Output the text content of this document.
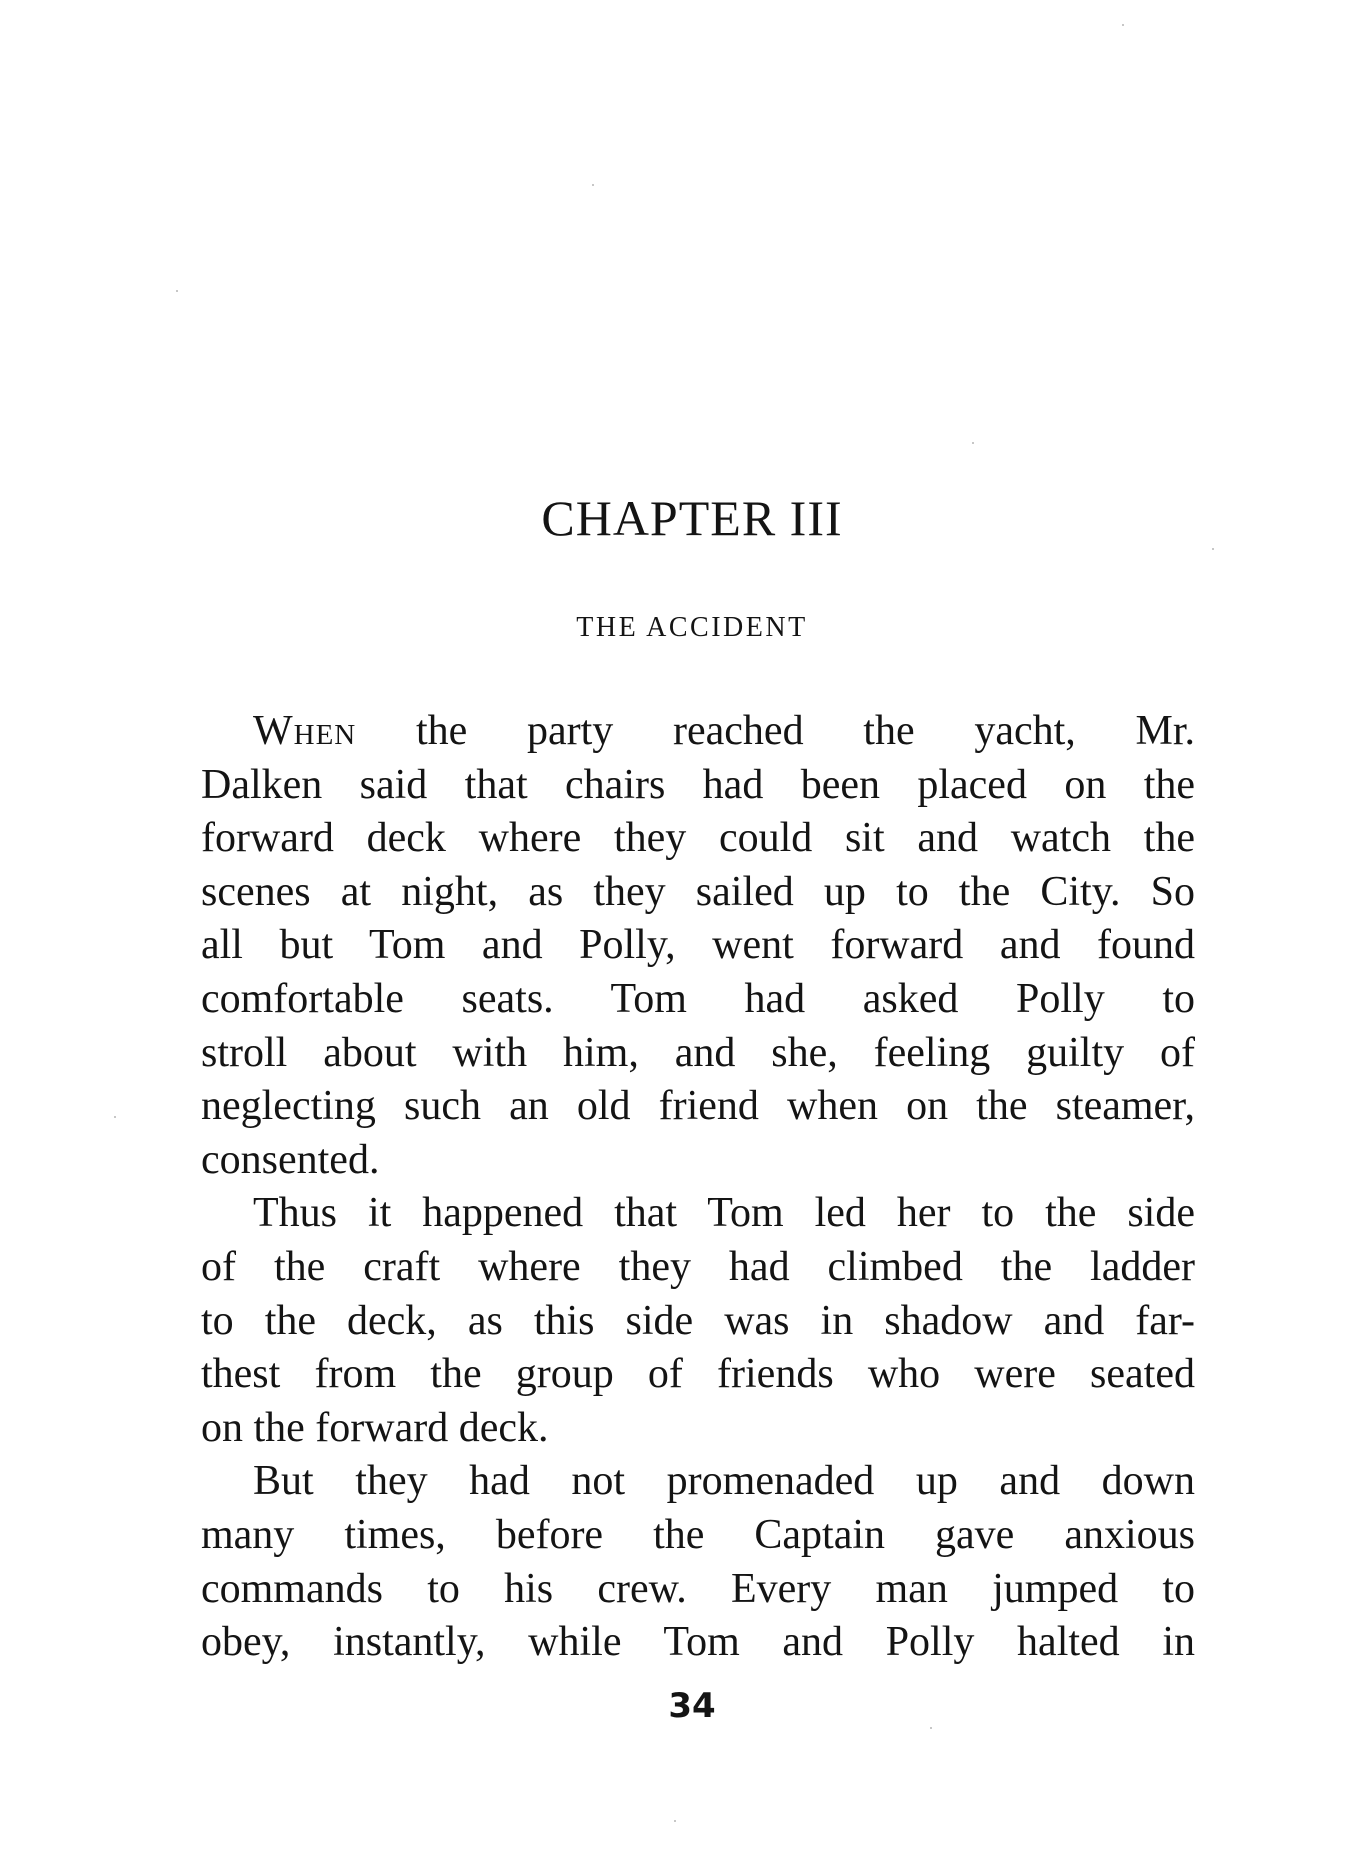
CHAPTER III
THE ACCIDENT
When the party reached the yacht, Mr.
Dalken said that chairs had been placed on the
forward deck where they could sit and watch the
scenes at night, as they sailed up to the City. So
all but Tom and Polly, went forward and found
comfortable seats. Tom had asked Polly to
stroll about with him, and she, feeling guilty of
neglecting such an old friend when on the steamer,
consented.
Thus it happened that Tom led her to the side
of the craft where they had climbed the ladder
to the deck, as this side was in shadow and far-
thest from the group of friends who were seated
on the forward deck.
But they had not promenaded up and down
many times, before the Captain gave anxious
commands to his crew. Every man jumped to
obey, instantly, while Tom and Polly halted in
34
